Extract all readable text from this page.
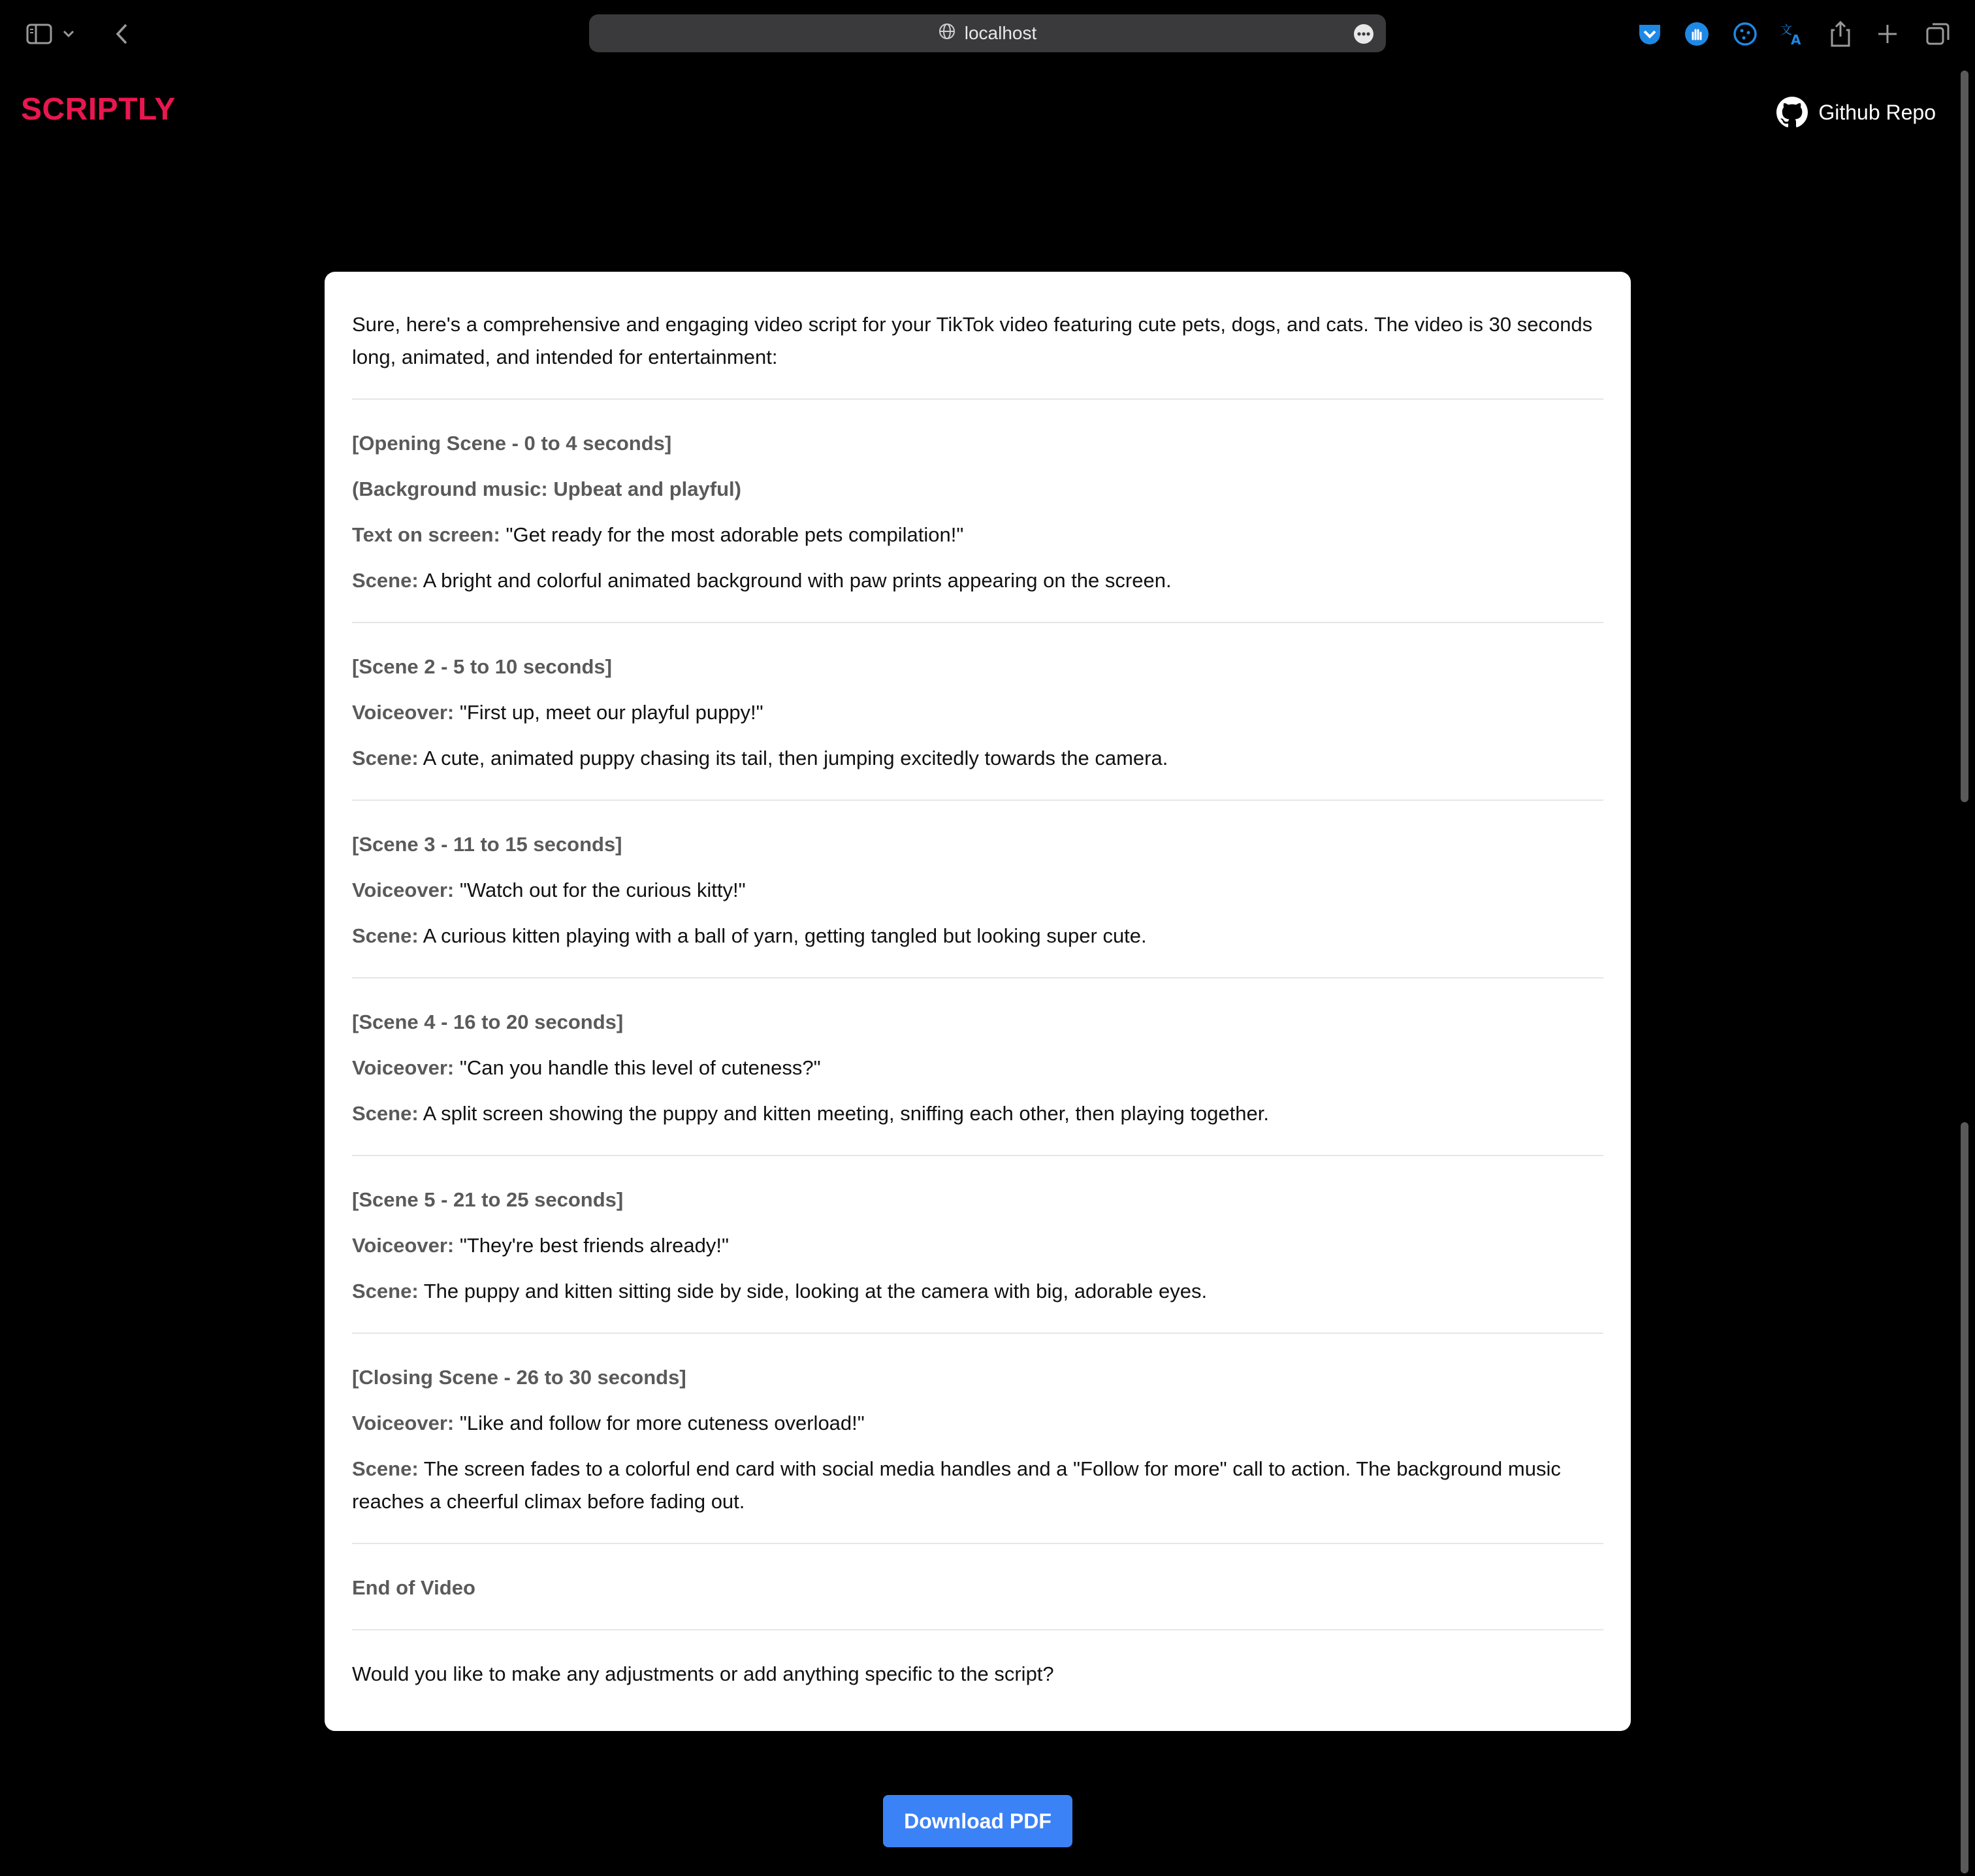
localhost	文
A
SCRIPTLY	Github Repo

Sure, here's a comprehensive and engaging video script for your TikTok video featuring cute pets, dogs, and cats. The video is 30 seconds long, animated, and intended for entertainment:

[Opening Scene - 0 to 4 seconds]

(Background music: Upbeat and playful)

Text on screen: "Get ready for the most adorable pets compilation!"

Scene: A bright and colorful animated background with paw prints appearing on the screen.

[Scene 2 - 5 to 10 seconds]

Voiceover: "First up, meet our playful puppy!"

Scene: A cute, animated puppy chasing its tail, then jumping excitedly towards the camera.

[Scene 3 - 11 to 15 seconds]

Voiceover: "Watch out for the curious kitty!"

Scene: A curious kitten playing with a ball of yarn, getting tangled but looking super cute.

[Scene 4 - 16 to 20 seconds]

Voiceover: "Can you handle this level of cuteness?"

Scene: A split screen showing the puppy and kitten meeting, sniffing each other, then playing together.

[Scene 5 - 21 to 25 seconds]

Voiceover: "They're best friends already!"

Scene: The puppy and kitten sitting side by side, looking at the camera with big, adorable eyes.

[Closing Scene - 26 to 30 seconds]

Voiceover: "Like and follow for more cuteness overload!"

Scene: The screen fades to a colorful end card with social media handles and a "Follow for more" call to action. The background music reaches a cheerful climax before fading out.

End of Video

Would you like to make any adjustments or add anything specific to the script?

Download PDF
